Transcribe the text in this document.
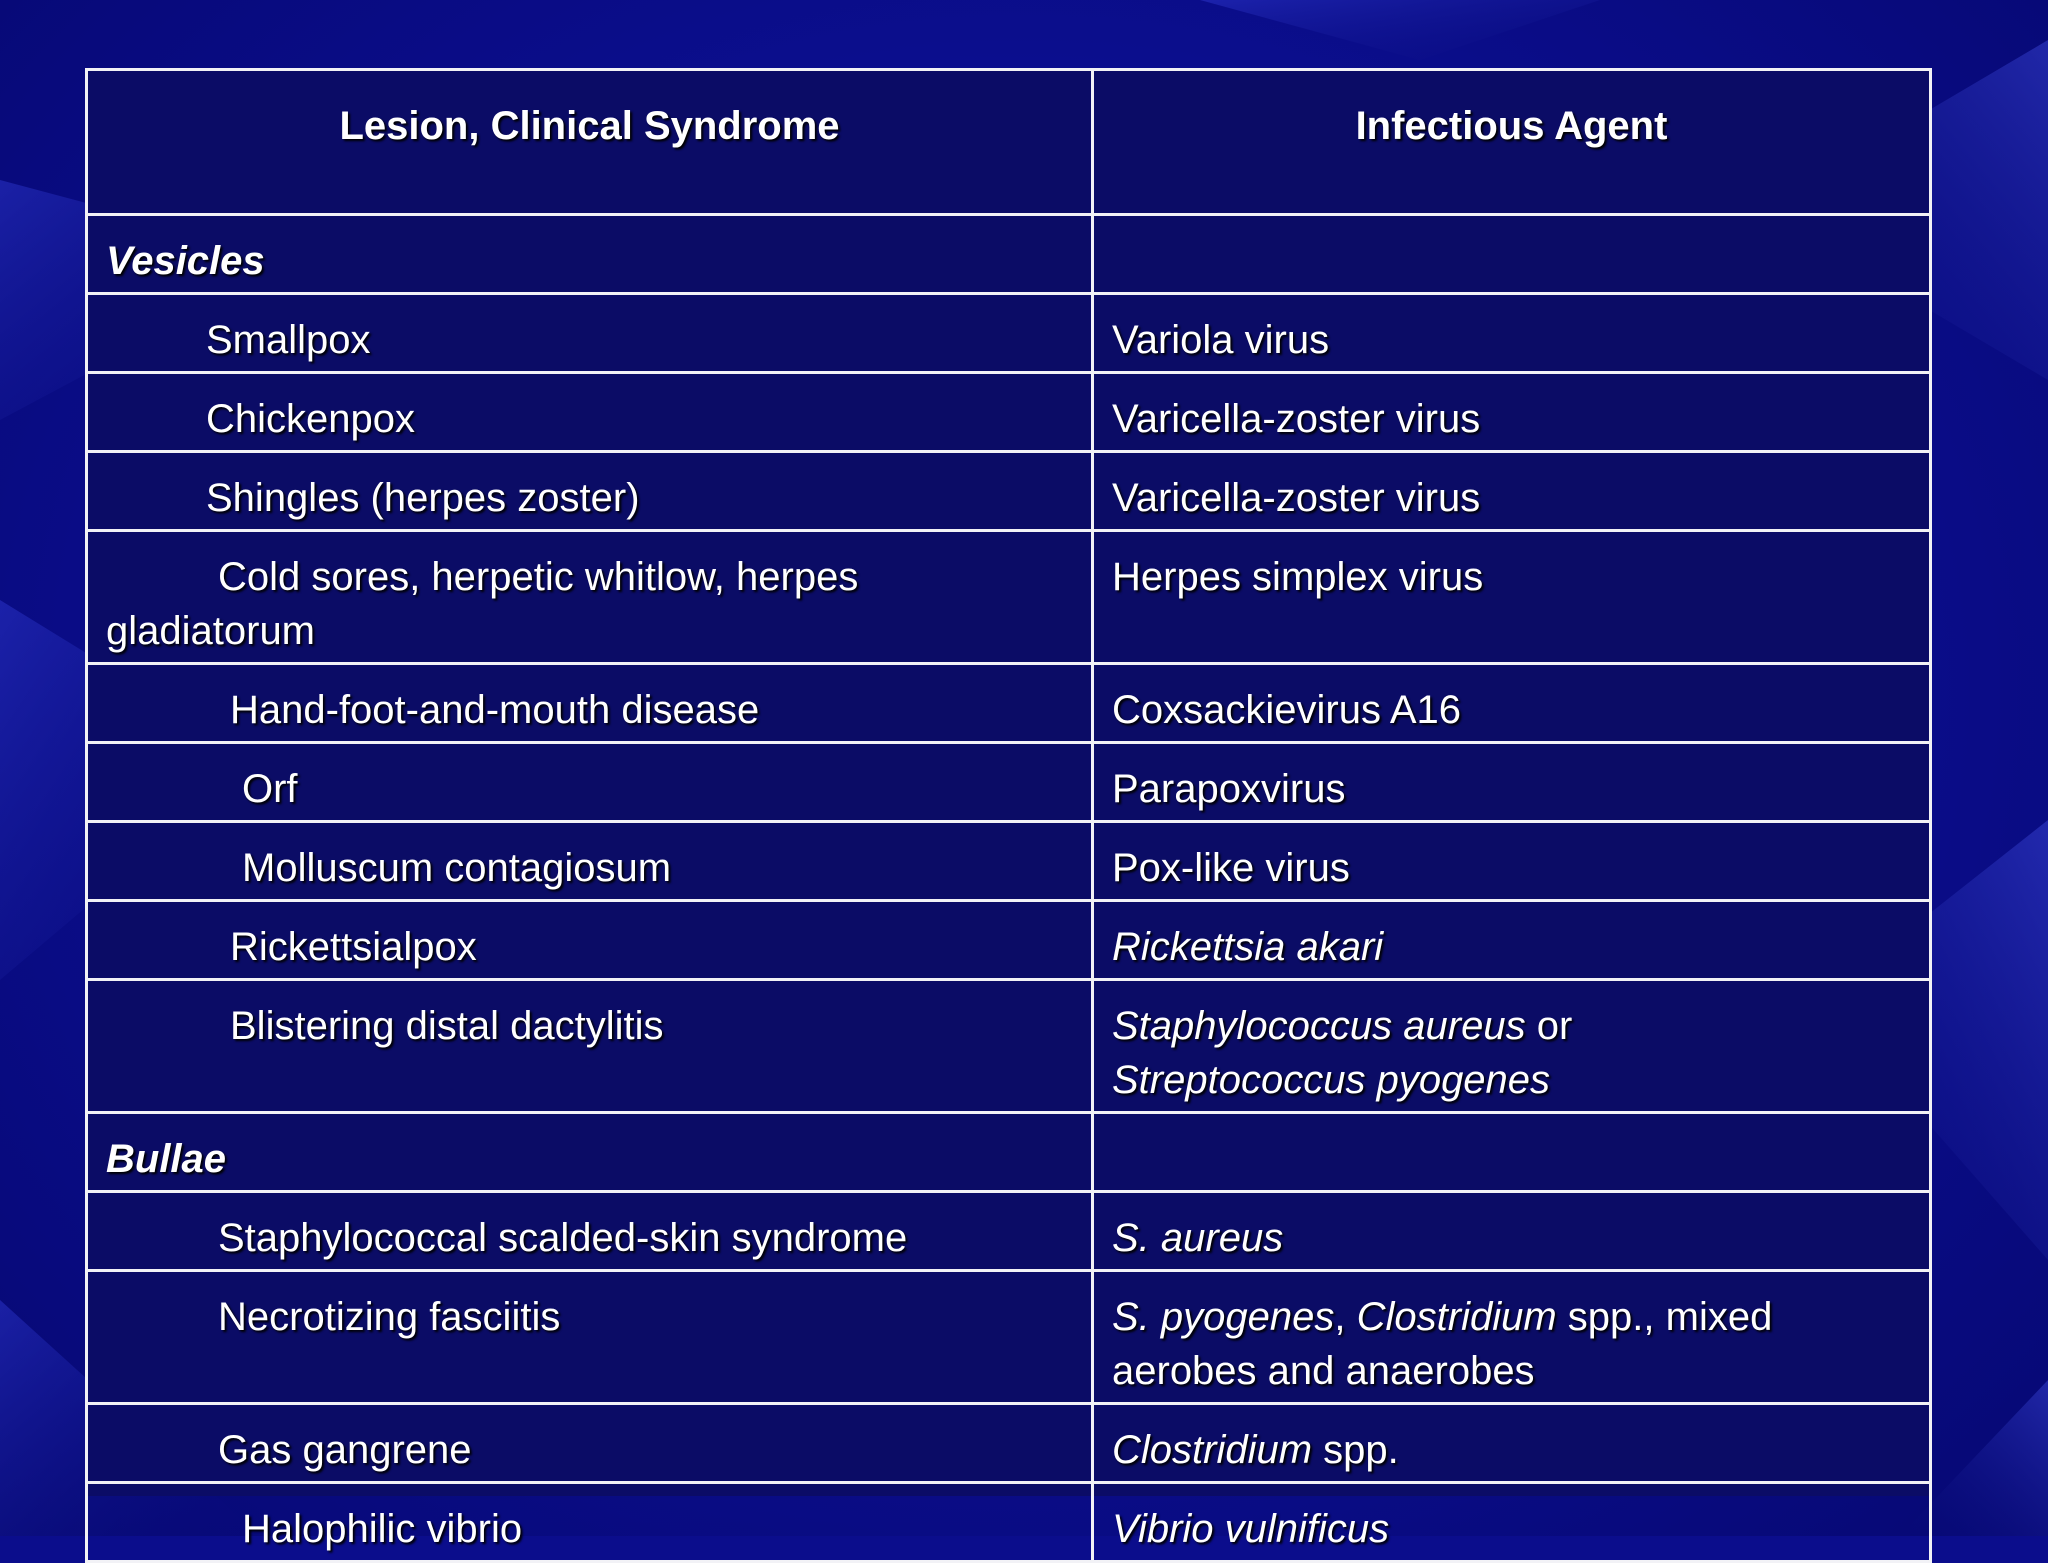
Lesion, Clinical Syndrome	Infectious Agent
Vesicles	
Smallpox	Variola virus
Chickenpox	Varicella-zoster virus
Shingles (herpes zoster)	Varicella-zoster virus

Cold sores, herpetic whitlow, herpes gladiatorum	Herpes simplex virus
Hand-foot-and-mouth disease	Coxsackievirus A16
Orf	Parapoxvirus
Molluscum contagiosum	Pox-like virus
Rickettsialpox	Rickettsia akari
Blistering distal dactylitis	Staphylococcus aureus or
Streptococcus pyogenes
Bullae	
Staphylococcal scalded-skin syndrome	S. aureus
Necrotizing fasciitis	S. pyogenes, Clostridium spp., mixed aerobes and anaerobes
Gas gangrene	Clostridium spp.
Halophilic vibrio	Vibrio vulnificus
